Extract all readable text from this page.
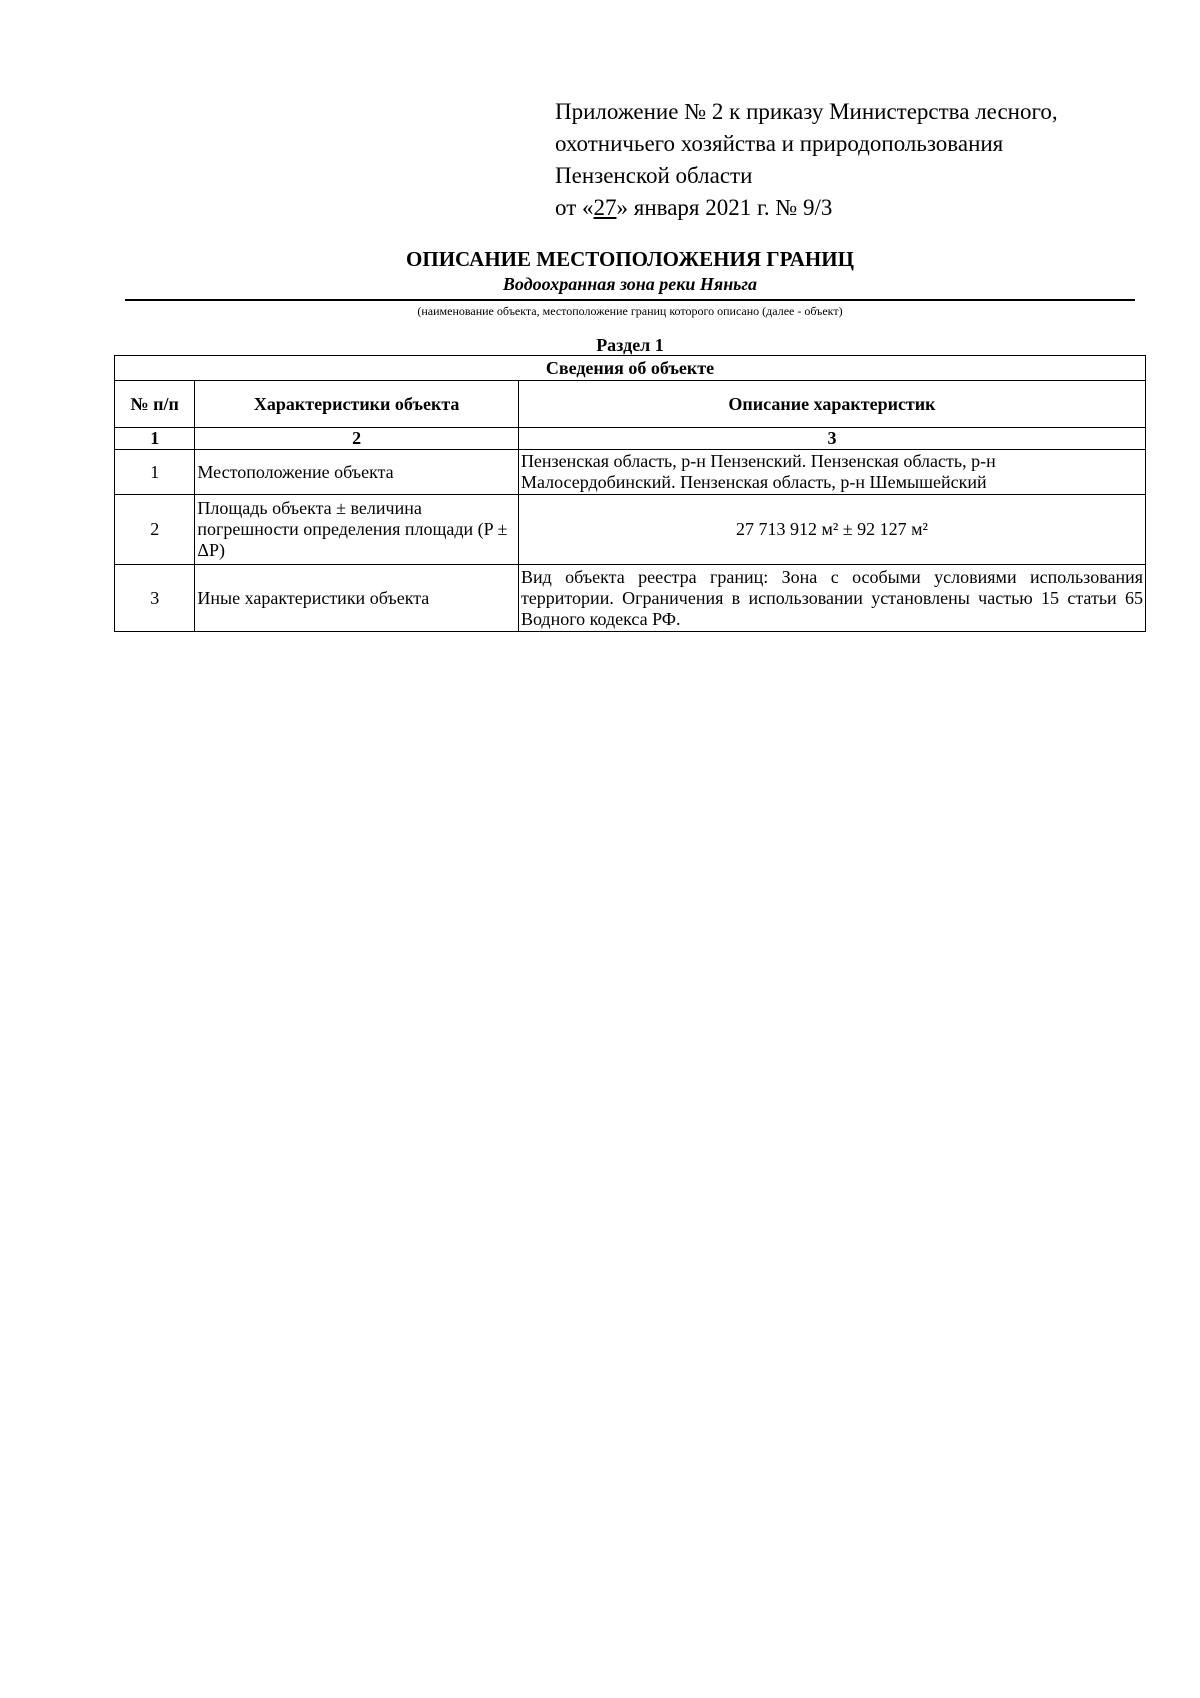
Приложение № 2 к приказу Министерства лесного,
охотничьего хозяйства и природопользования
Пензенской области
от «27» января 2021 г. № 9/3
ОПИСАНИЕ МЕСТОПОЛОЖЕНИЯ ГРАНИЦ
Водоохранная зона реки Няньга
(наименование объекта, местоположение границ которого описано (далее - объект)
Раздел 1
Сведения об объекте		
№ п/п	Характеристики объекта	Описание характеристик
1	2	3
1	Местоположение объекта	Пензенская область, р-н Пензенский. Пензенская область, р-н Малосердобинский. Пензенская область, р-н Шемышейский
2	Площадь объекта ± величина погрешности определения площади (P ± ΔP)	27 713 912 м² ± 92 127 м²
3	Иные характеристики объекта	Вид объекта реестра границ: Зона с особыми условиями использования территории. Ограничения в использовании установлены частью 15 статьи 65 Водного кодекса РФ.
